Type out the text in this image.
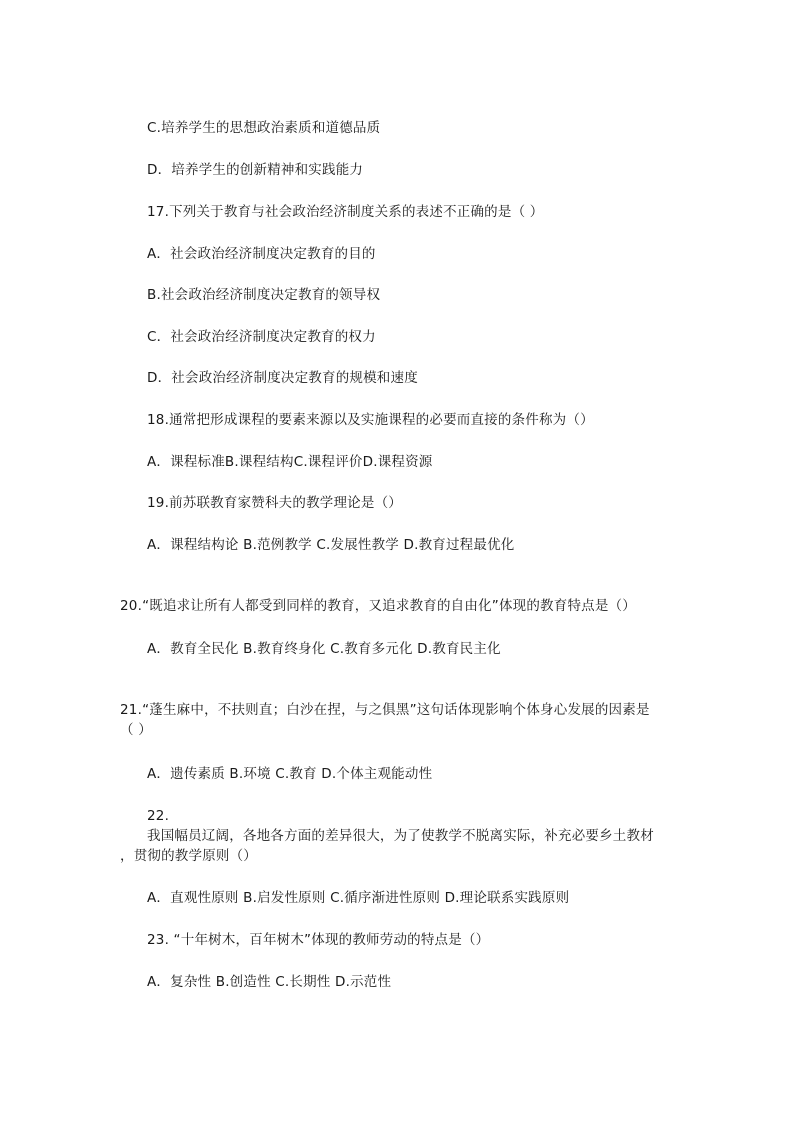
C.培养学生的思想政治素质和道德品质
D．培养学生的创新精神和实践能力
17.下列关于教育与社会政治经济制度关系的表述不正确的是（ ）
A．社会政治经济制度决定教育的目的
B.社会政治经济制度决定教育的领导权
C．社会政治经济制度决定教育的权力
D．社会政治经济制度决定教育的规模和速度
18.通常把形成课程的要素来源以及实施课程的必要而直接的条件称为（）
A．课程标准B.课程结构C.课程评价D.课程资源
19.前苏联教育家赞科夫的教学理论是（）
A．课程结构论 B.范例教学 C.发展性教学 D.教育过程最优化
20.“既追求让所有人都受到同样的教育，又追求教育的自由化”体现的教育特点是（）
A．教育全民化 B.教育终身化 C.教育多元化 D.教育民主化
21.“蓬生麻中，不扶则直；白沙在捏，与之俱黑”这句话体现影响个体身心发展的因素是
（ ）
A．遗传素质 B.环境 C.教育 D.个体主观能动性
22.
我国幅员辽阔，各地各方面的差异很大，为了使教学不脱离实际，补充必要乡土教材
，贯彻的教学原则（）
A．直观性原则 B.启发性原则 C.循序渐进性原则 D.理论联系实践原则
23. “十年树木，百年树木”体现的教师劳动的特点是（）
A．复杂性 B.创造性 C.长期性 D.示范性
